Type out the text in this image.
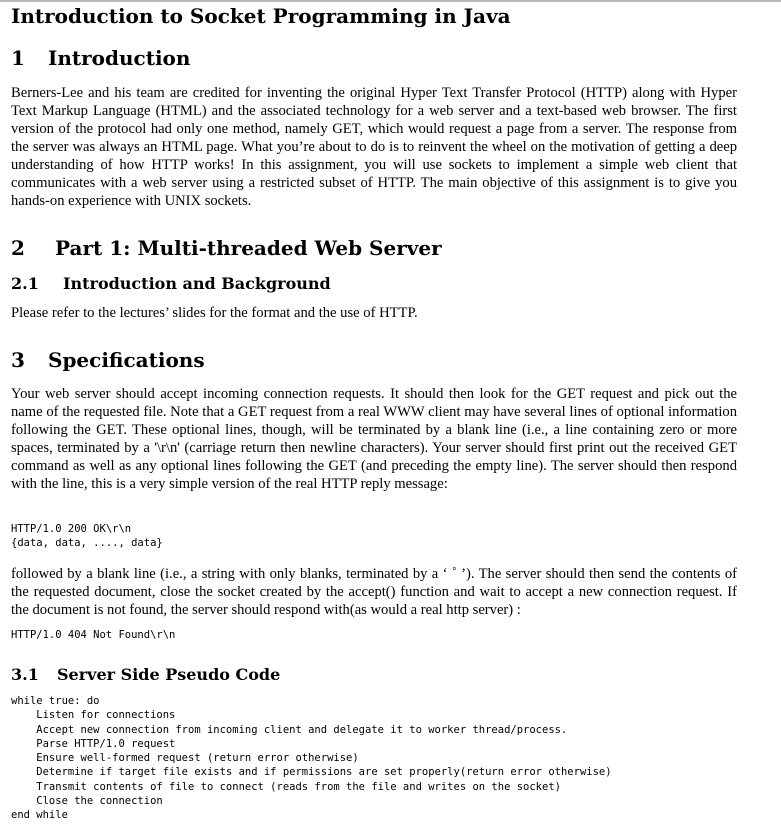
Introduction to Socket Programming in Java
1 Introduction

Berners-Lee and his team are credited for inventing the original Hyper Text Transfer Protocol (HTTP) along with Hyper Text Markup Language (HTML) and the associated technology for a web server and a text-based web browser. The first version of the protocol had only one method, namely GET, which would request a page from a server. The response from the server was always an HTML page. What you’re about to do is to reinvent the wheel on the motivation of getting a deep understanding of how HTTP works! In this assignment, you will use sockets to implement a simple web client that communicates with a web server using a restricted subset of HTTP. The main objective of this assignment is to give you hands-on experience with UNIX sockets.

2 Part 1: Multi-threaded Web Server
2.1 Introduction and Background

Please refer to the lectures’ slides for the format and the use of HTTP.

3 Specifications

Your web server should accept incoming connection requests. It should then look for the GET request and pick out the name of the requested file. Note that a GET request from a real WWW client may have several lines of optional information following the GET. These optional lines, though, will be terminated by a blank line (i.e., a line containing zero or more spaces, terminated by a '\r\n' (carriage return then newline characters). Your server should first print out the received GET command as well as any optional lines following the GET (and preceding the empty line). The server should then respond with the line, this is a very simple version of the real HTTP reply message:

HTTP/1.0 200 OK\r\n
{data, data, ...., data}

followed by a blank line (i.e., a string with only blanks, terminated by a ‘ ˚ ’). The server should then send the contents of the requested document, close the socket created by the accept() function and wait to accept a new connection request. If the document is not found, the server should respond with(as would a real http server) :

HTTP/1.0 404 Not Found\r\n
3.1 Server Side Pseudo Code
while true: do
Listen for connections
Accept new connection from incoming client and delegate it to worker thread/process.
Parse HTTP/1.0 request
Ensure well-formed request (return error otherwise)
Determine if target file exists and if permissions are set properly(return error otherwise)
Transmit contents of file to connect (reads from the file and writes on the socket)
Close the connection
end while
